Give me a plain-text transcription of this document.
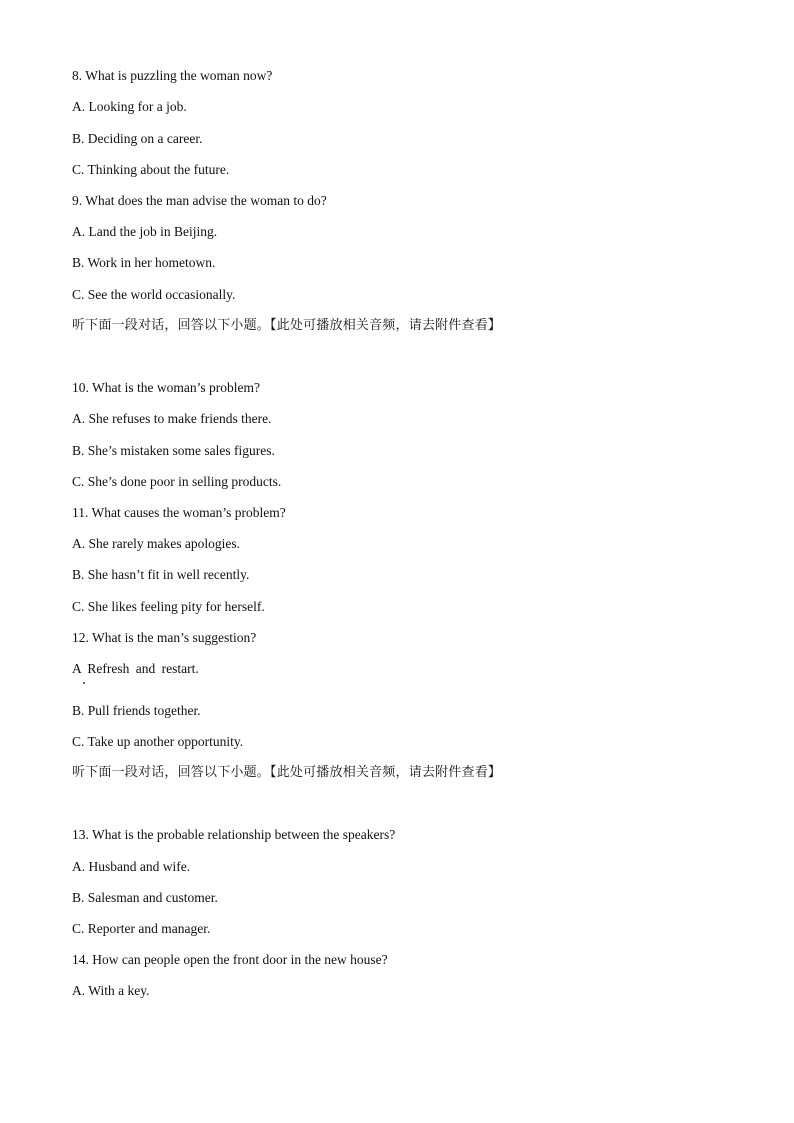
8. What is puzzling the woman now?

A. Looking for a job.

B. Deciding on a career.

C. Thinking about the future.

9. What does the man advise the woman to do?

A. Land the job in Beijing.

B. Work in her hometown.

C. See the world occasionally.

听下面一段对话，回答以下小题。【此处可播放相关音频，请去附件查看】

10. What is the woman’s problem?

A. She refuses to make friends there.

B. She’s mistaken some sales figures.

C. She’s done poor in selling products.

11. What causes the woman’s problem?

A. She rarely makes apologies.

B. She hasn’t fit in well recently.

C. She likes feeling pity for herself.

12. What is the man’s suggestion?

A Refresh and restart.

B. Pull friends together.

C. Take up another opportunity.

听下面一段对话，回答以下小题。【此处可播放相关音频，请去附件查看】

13. What is the probable relationship between the speakers?

A. Husband and wife.

B. Salesman and customer.

C. Reporter and manager.

14. How can people open the front door in the new house?

A. With a key.
